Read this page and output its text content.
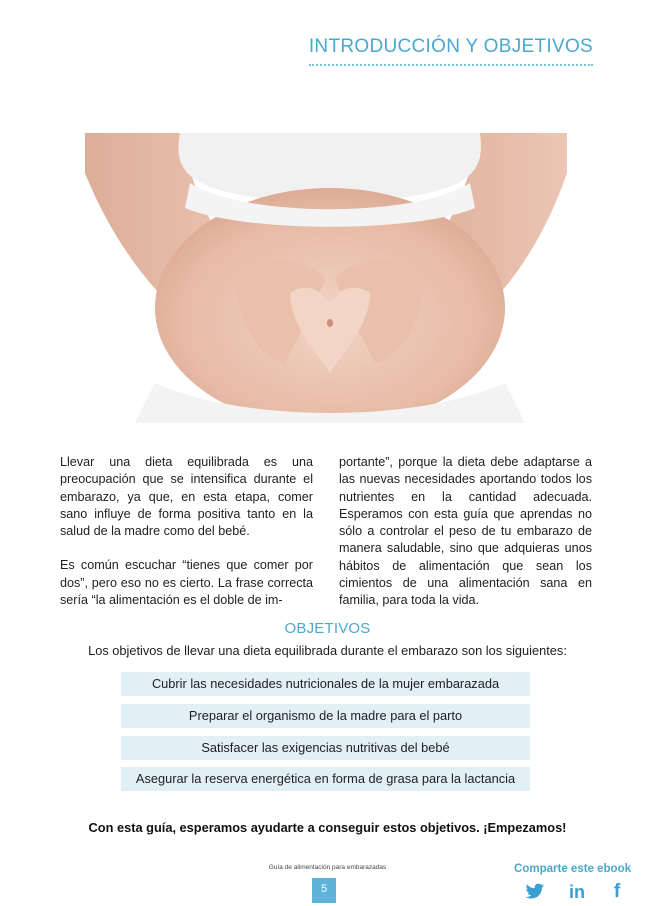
INTRODUCCIÓN Y OBJETIVOS

Llevar una dieta equilibrada es una preocupación que se intensifica durante el embarazo, ya que, en esta etapa, comer sano influye de forma positiva tanto en la salud de la madre como del bebé.

Es común escuchar “tienes que comer por dos”, pero eso no es cierto. La frase correcta sería “la alimentación es el doble de im-

portante”, porque la dieta debe adaptarse a las nuevas necesidades aportando todos los nutrientes en la cantidad adecuada. Esperamos con esta guía que aprendas no sólo a controlar el peso de tu embarazo de manera saludable, sino que adquieras unos hábitos de alimentación que sean los cimientos de una alimentación sana en familia, para toda la vida.

OBJETIVOS
Los objetivos de llevar una dieta equilibrada durante el embarazo son los siguientes:
Cubrir las necesidades nutricionales de la mujer embarazada
Preparar el organismo de la madre para el parto
Satisfacer las exigencias nutritivas del bebé
Asegurar la reserva energética en forma de grasa para la lactancia
Con esta guía, esperamos ayudarte a conseguir estos objetivos. ¡Empezamos!
Guía de alimentación para embarazadas
5
Comparte este ebook
in	f
